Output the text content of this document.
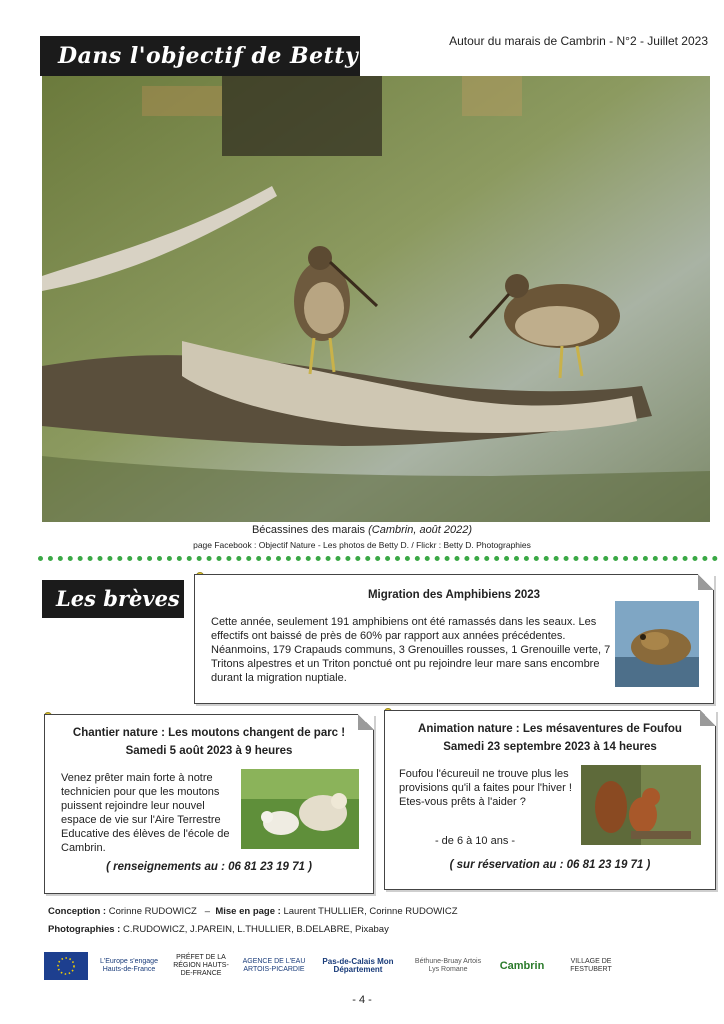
Dans l'objectif de Betty
Autour du marais de Cambrin - N°2 - Juillet 2023
Bécassines des marais (Cambrin, août 2022)
page Facebook : Objectif Nature - Les photos de Betty D. / Flickr : Betty D. Photographies
Les brèves	Migration des Amphibiens 2023
Cette année, seulement 191 amphibiens ont été ramassés dans les seaux. Les effectifs ont baissé de près de 60% par rapport aux années précédentes. Néanmoins, 179 Crapauds communs, 3 Grenouilles rousses, 1 Grenouille verte, 7 Tritons alpestres et un Triton ponctué ont pu rejoindre leur mare sans encombre durant la migration nuptiale.
Chantier nature : Les moutons changent de parc !
Samedi 5 août 2023 à 9 heures
Venez prêter main forte à notre technicien pour que les moutons puissent rejoindre leur nouvel espace de vie sur l'Aire Terrestre Educative des élèves de l'école de Cambrin.
( renseignements au : 06 81 23 19 71 )
Animation nature : Les mésaventures de Foufou
Samedi 23 septembre 2023 à 14 heures
Foufou l'écureuil ne trouve plus les provisions qu'il a faites pour l'hiver ! Etes-vous prêts à l'aider ?
- de 6 à 10 ans -
( sur réservation au : 06 81 23 19 71 )
Conception : Corinne RUDOWICZ   –  Mise en page : Laurent THULLIER, Corinne RUDOWICZ
Photographies : C.RUDOWICZ, J.PAREIN, L.THULLIER, B.DELABRE, Pixabay
L'Europe s'engage Hauts-de-France
PRÉFET DE LA RÉGION HAUTS-DE-FRANCE
AGENCE DE L'EAU ARTOIS-PICARDIE
Pas-de-Calais Mon Département
Béthune-Bruay Artois Lys Romane	Cambrin	VILLAGE DE FESTUBERT
- 4 -
